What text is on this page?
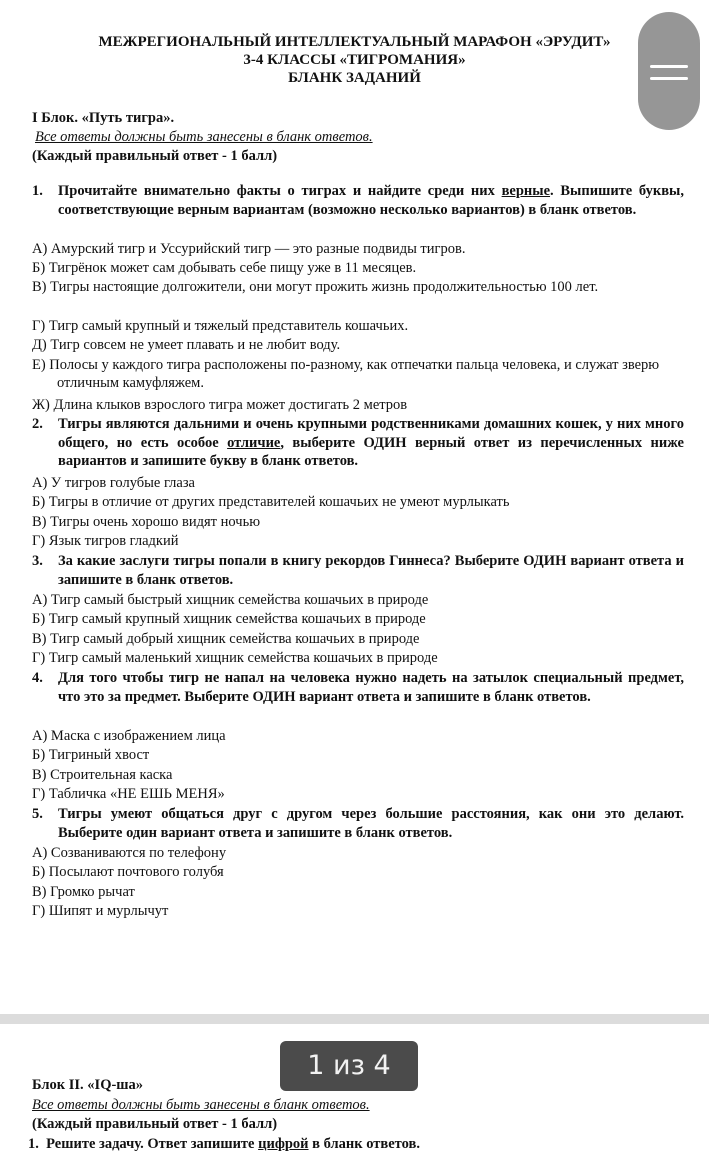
МЕЖРЕГИОНАЛЬНЫЙ ИНТЕЛЛЕКТУАЛЬНЫЙ МАРАФОН «ЭРУДИТ»
3-4 КЛАССЫ «ТИГРОМАНИЯ»
БЛАНК ЗАДАНИЙ
I Блок. «Путь тигра».
Все ответы должны быть занесены в бланк ответов.
(Каждый правильный ответ - 1 балл)
1.	Прочитайте внимательно факты о тиграх и найдите среди них верные. Выпишите буквы, соответствующие верным вариантам (возможно несколько вариантов) в бланк ответов.
А) Амурский тигр и Уссурийский тигр — это разные подвиды тигров.
Б) Тигрёнок может сам добывать себе пищу уже в 11 месяцев.
В) Тигры настоящие долгожители, они могут прожить жизнь продолжительностью 100 лет.
Г) Тигр самый крупный и тяжелый представитель кошачьих.
Д) Тигр совсем не умеет плавать и не любит воду.
Е) Полосы у каждого тигра расположены по-разному, как отпечатки пальца человека, и служат зверю отличным камуфляжем.
Ж) Длина клыков взрослого тигра может достигать 2 метров
2.	Тигры являются дальними и очень крупными родственниками домашних кошек, у них много общего, но есть особое отличие, выберите ОДИН верный ответ из перечисленных ниже вариантов и запишите букву в бланк ответов.
А) У тигров голубые глаза
Б) Тигры в отличие от других представителей кошачьих не умеют мурлыкать
В) Тигры очень хорошо видят ночью
Г) Язык тигров гладкий
3.	За какие заслуги тигры попали в книгу рекордов Гиннеса? Выберите ОДИН вариант ответа и запишите в бланк ответов.
А) Тигр самый быстрый хищник семейства кошачьих в природе
Б) Тигр самый крупный хищник семейства кошачьих в природе
В) Тигр самый добрый хищник семейства кошачьих в природе
Г) Тигр самый маленький хищник семейства кошачьих в природе
4.	Для того чтобы тигр не напал на человека нужно надеть на затылок специальный предмет, что это за предмет. Выберите ОДИН вариант ответа и запишите в бланк ответов.
А) Маска с изображением лица
Б) Тигриный хвост
В) Строительная каска
Г) Табличка «НЕ ЕШЬ МЕНЯ»
5.	Тигры умеют общаться друг с другом через большие расстояния, как они это делают. Выберите один вариант ответа и запишите в бланк ответов.
А) Созваниваются по телефону
Б) Посылают почтового голубя
В) Громко рычат
Г) Шипят и мурлычут
Блок II. «IQ-ша»
Все ответы должны быть занесены в бланк ответов.
(Каждый правильный ответ - 1 балл)
1. Решите задачу. Ответ запишите цифрой в бланк ответов.
1 из 4
